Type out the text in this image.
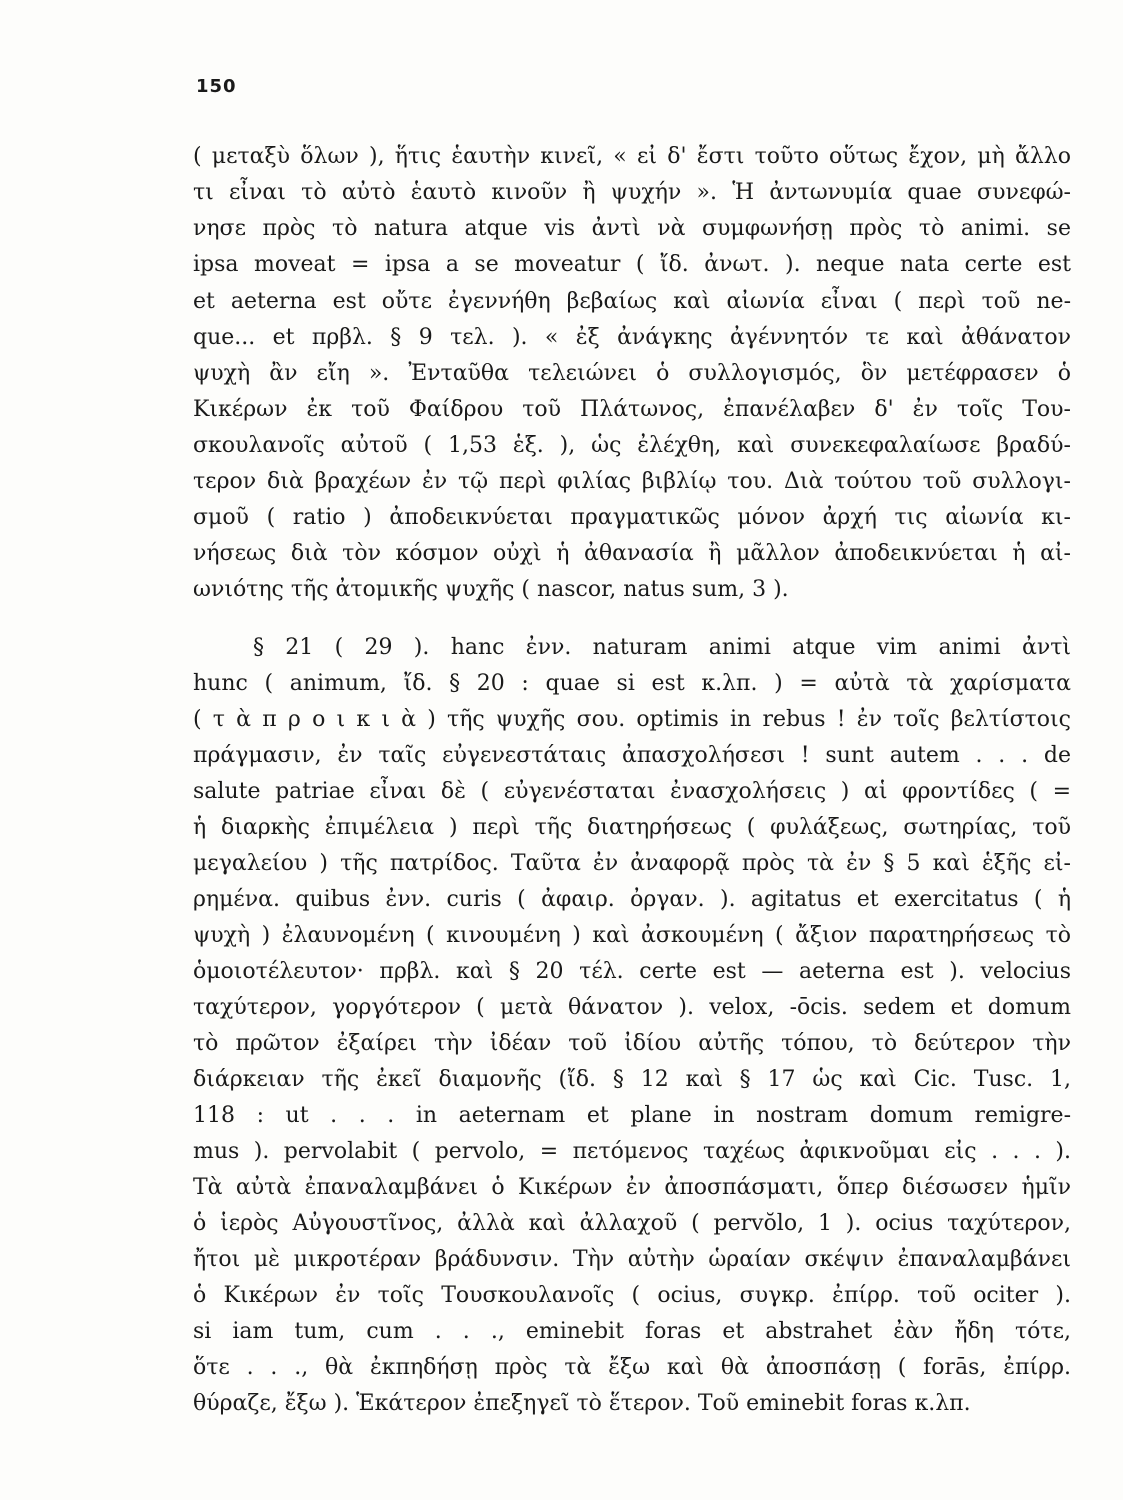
150
( μεταξὺ ὅλων ), ἥτις ἑαυτὴν κινεῖ, « εἰ δ' ἔστι τοῦτο οὕτως ἔχον, μὴ ἄλλο
τι εἶναι τὸ αὐτὸ ἑαυτὸ κινοῦν ἢ ψυχήν ». Ἡ ἀντωνυμία quae συνεφώ-
νησε πρὸς τὸ natura atque vis ἀντὶ νὰ συμφωνήσῃ πρὸς τὸ animi. se
ipsa moveat = ipsa a se moveatur ( ἴδ. ἀνωτ. ). neque nata certe est
et aeterna est οὔτε ἐγεννήθη βεβαίως καὶ αἰωνία εἶναι ( περὶ τοῦ ne-
que... et πρβλ. § 9 τελ. ). « ἐξ ἀνάγκης ἀγέννητόν τε καὶ ἀθάνατον
ψυχὴ ἂν εἴη ». Ἐνταῦθα τελειώνει ὁ συλλογισμός, ὃν μετέφρασεν ὁ
Κικέρων ἐκ τοῦ Φαίδρου τοῦ Πλάτωνος, ἐπανέλαβεν δ' ἐν τοῖς Του-
σκουλανοῖς αὐτοῦ ( 1,53 ἑξ. ), ὡς ἐλέχθη, καὶ συνεκεφαλαίωσε βραδύ-
τερον διὰ βραχέων ἐν τῷ περὶ φιλίας βιβλίῳ του. Διὰ τούτου τοῦ συλλογι-
σμοῦ ( ratio ) ἀποδεικνύεται πραγματικῶς μόνον ἀρχή τις αἰωνία κι-
νήσεως διὰ τὸν κόσμον οὐχὶ ἡ ἀθανασία ἢ μᾶλλον ἀποδεικνύεται ἡ αἰ-
ωνιότης τῆς ἀτομικῆς ψυχῆς ( nascor, natus sum, 3 ).
§ 21 ( 29 ). hanc ἐνν. naturam animi atque vim animi ἀντὶ
hunc ( animum, ἴδ. § 20 : quae si est κ.λπ. ) = αὐτὰ τὰ χαρίσματα
( τ ὰ π ρ ο ι κ ι ὰ ) τῆς ψυχῆς σου. optimis in rebus ! ἐν τοῖς βελτίστοις
πράγμασιν, ἐν ταῖς εὐγενεστάταις ἀπασχολήσεσι ! sunt autem . . . de
salute patriae εἶναι δὲ ( εὐγενέσταται ἐνασχολήσεις ) αἱ φροντίδες ( =
ἡ διαρκὴς ἐπιμέλεια ) περὶ τῆς διατηρήσεως ( φυλάξεως, σωτηρίας, τοῦ
μεγαλείου ) τῆς πατρίδος. Ταῦτα ἐν ἀναφορᾷ πρὸς τὰ ἐν § 5 καὶ ἑξῆς εἰ-
ρημένα. quibus ἐνν. curis ( ἀφαιρ. ὀργαν. ). agitatus et exercitatus ( ἡ
ψυχὴ ) ἐλαυνομένη ( κινουμένη ) καὶ ἀσκουμένη ( ἄξιον παρατηρήσεως τὸ
ὁμοιοτέλευτον· πρβλ. καὶ § 20 τέλ. certe est — aeterna est ). velocius
ταχύτερον, γοργότερον ( μετὰ θάνατον ). velox, -ōcis. sedem et domum
τὸ πρῶτον ἐξαίρει τὴν ἰδέαν τοῦ ἰδίου αὐτῆς τόπου, τὸ δεύτερον τὴν
διάρκειαν τῆς ἐκεῖ διαμονῆς (ἴδ. § 12 καὶ § 17 ὡς καὶ Cic. Tusc. 1,
118 : ut . . . in aeternam et plane in nostram domum remigre-
mus ). pervolabit ( pervolo, = πετόμενος ταχέως ἀφικνοῦμαι εἰς . . . ).
Τὰ αὐτὰ ἐπαναλαμβάνει ὁ Κικέρων ἐν ἀποσπάσματι, ὅπερ διέσωσεν ἡμῖν
ὁ ἱερὸς Αὐγουστῖνος, ἀλλὰ καὶ ἀλλαχοῦ ( pervŏlo, 1 ). ocius ταχύτερον,
ἤτοι μὲ μικροτέραν βράδυνσιν. Τὴν αὐτὴν ὡραίαν σκέψιν ἐπαναλαμβάνει
ὁ Κικέρων ἐν τοῖς Τουσκουλανοῖς ( ocius, συγκρ. ἐπίρρ. τοῦ ociter ).
si iam tum, cum . . ., eminebit foras et abstrahet ἐὰν ἤδη τότε,
ὅτε . . ., θὰ ἐκπηδήσῃ πρὸς τὰ ἔξω καὶ θὰ ἀποσπάσῃ ( forās, ἐπίρρ.
θύραζε, ἔξω ). Ἑκάτερον ἐπεξηγεῖ τὸ ἕτερον. Τοῦ eminebit foras κ.λπ.
